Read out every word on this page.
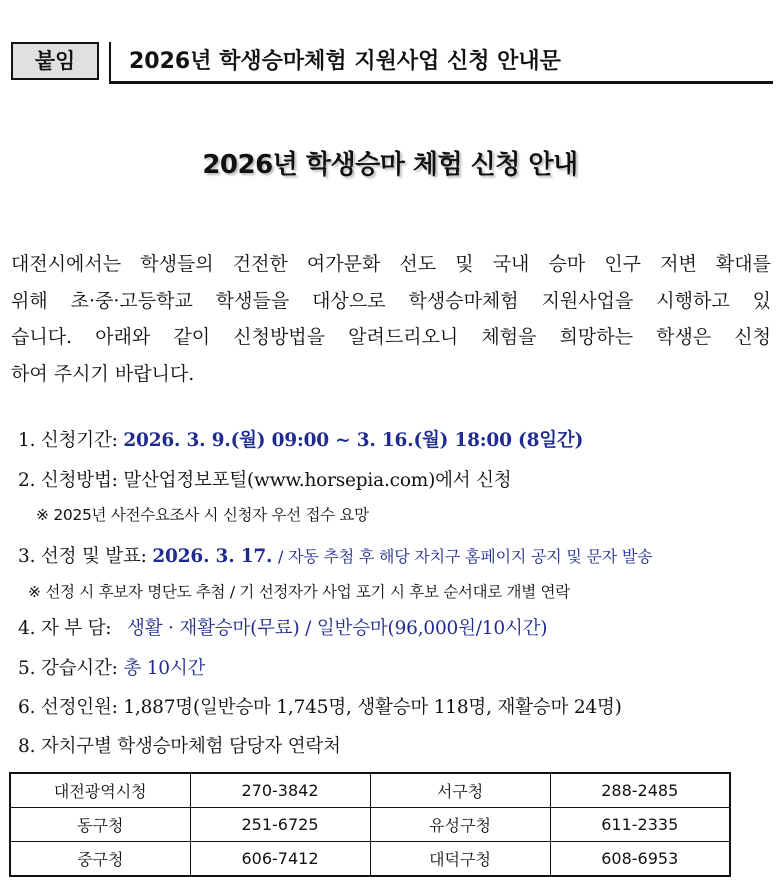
붙임	2026년 학생승마체험 지원사업 신청 안내문
2026년 학생승마 체험 신청 안내

대전시에서는 학생들의 건전한 여가문화 선도 및 국내 승마 인구 저변 확대를

위해 초·중·고등학교 학생들을 대상으로 학생승마체험 지원사업을 시행하고 있

습니다. 아래와 같이 신청방법을 알려드리오니 체험을 희망하는 학생은 신청

하여 주시기 바랍니다.

1. 신청기간: 2026. 3. 9.(월) 09:00 ~ 3. 16.(월) 18:00 (8일간)
2. 신청방법: 말산업정보포털(www.horsepia.com)에서 신청
※ 2025년 사전수요조사 시 신청자 우선 접수 요망
3. 선정 및 발표: 2026. 3. 17. / 자동 추첨 후 해당 자치구 홈페이지 공지 및 문자 발송
※ 선정 시 후보자 명단도 추첨 / 기 선정자가 사업 포기 시 후보 순서대로 개별 연락
4. 자 부 담: 생활 · 재활승마(무료) / 일반승마(96,000원/10시간)
5. 강습시간: 총 10시간
6. 선정인원: 1,887명(일반승마 1,745명, 생활승마 118명, 재활승마 24명)
8. 자치구별 학생승마체험 담당자 연락처
대전광역시청	270-3842	서구청	288-2485
동구청	251-6725	유성구청	611-2335
중구청	606-7412	대덕구청	608-6953
